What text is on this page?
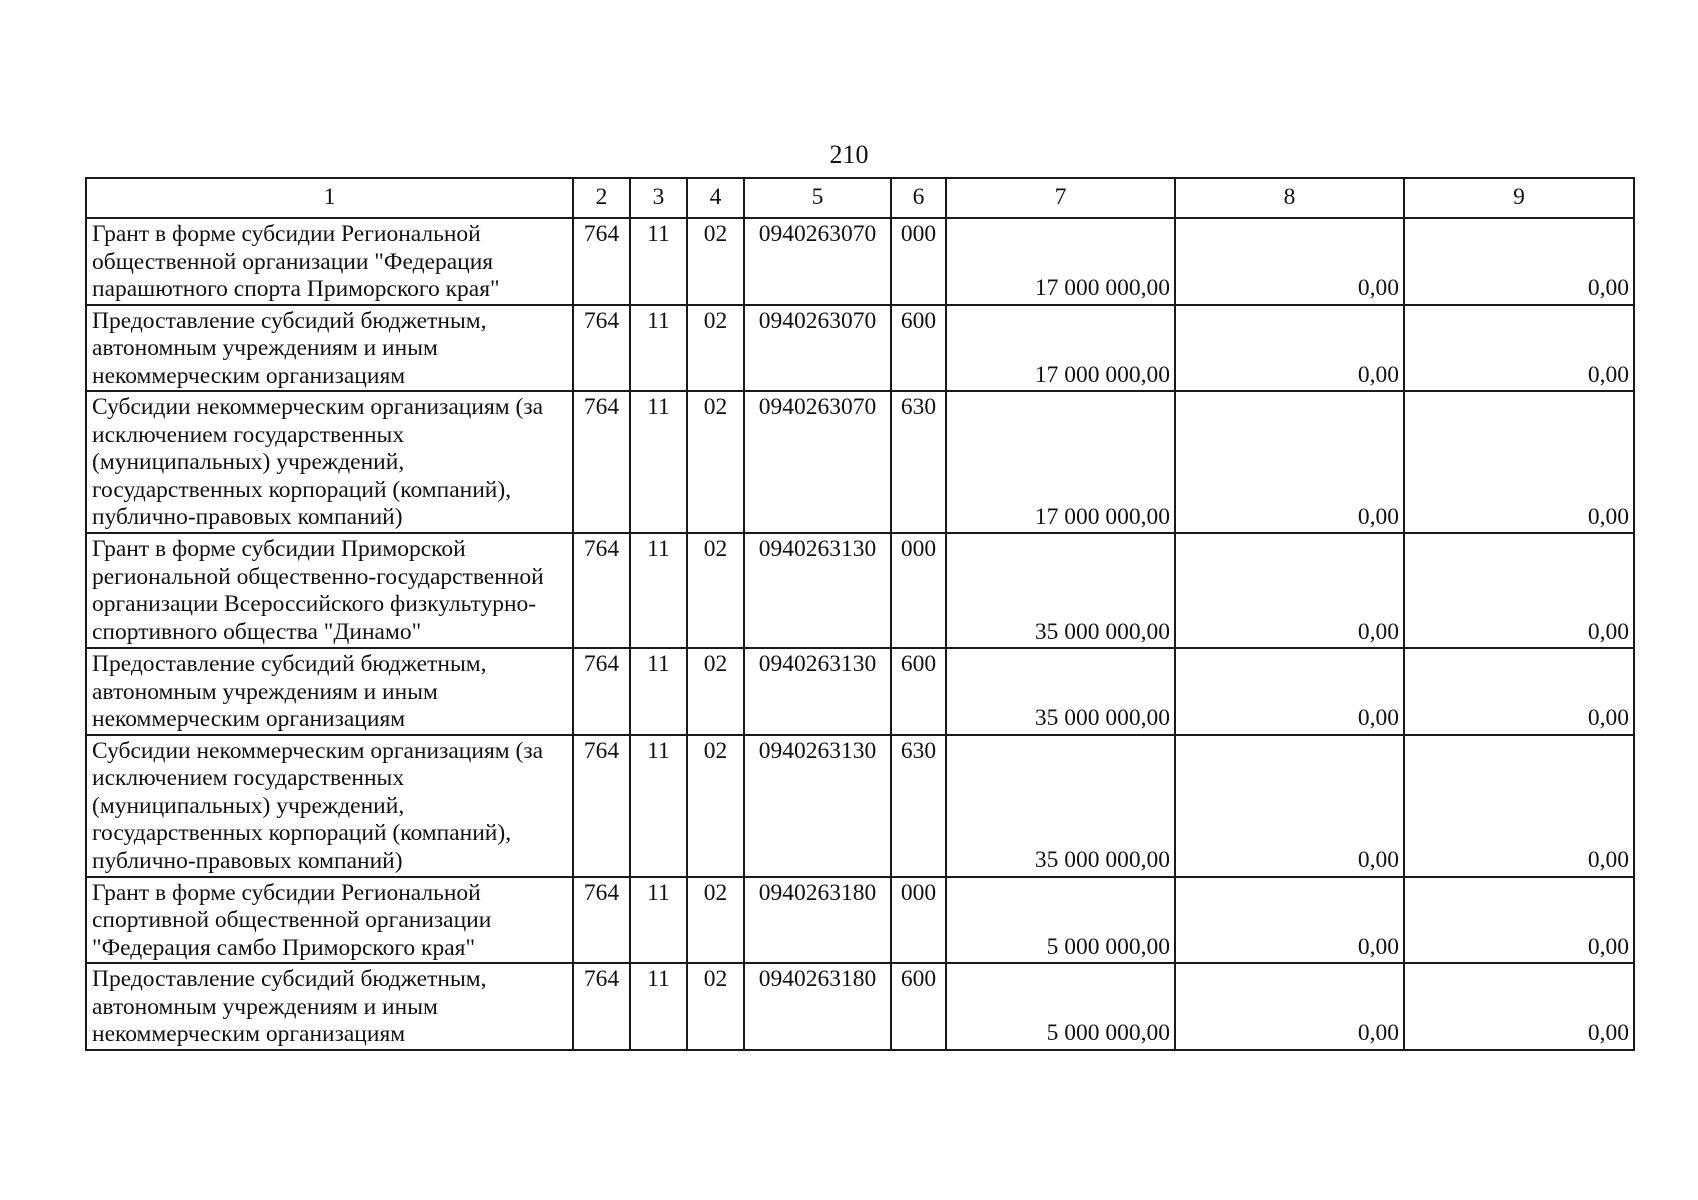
210
1	2	3	4	5	6	7	8	9
Грант в форме субсидии Региональной общественной организации "Федерация парашютного спорта Приморского края"	764	11	02	0940263070	000	17 000 000,00	0,00	0,00
Предоставление субсидий бюджетным, автономным учреждениям и иным некоммерческим организациям	764	11	02	0940263070	600	17 000 000,00	0,00	0,00
Субсидии некоммерческим организациям (за исключением государственных (муниципальных) учреждений, государственных корпораций (компаний), публично-правовых компаний)	764	11	02	0940263070	630	17 000 000,00	0,00	0,00
Грант в форме субсидии Приморской региональной общественно-государственной организации Всероссийского физкультурно-спортивного общества "Динамо"	764	11	02	0940263130	000	35 000 000,00	0,00	0,00
Предоставление субсидий бюджетным, автономным учреждениям и иным некоммерческим организациям	764	11	02	0940263130	600	35 000 000,00	0,00	0,00
Субсидии некоммерческим организациям (за исключением государственных (муниципальных) учреждений, государственных корпораций (компаний), публично-правовых компаний)	764	11	02	0940263130	630	35 000 000,00	0,00	0,00
Грант в форме субсидии Региональной спортивной общественной организации "Федерация самбо Приморского края"	764	11	02	0940263180	000	5 000 000,00	0,00	0,00
Предоставление субсидий бюджетным, автономным учреждениям и иным некоммерческим организациям	764	11	02	0940263180	600	5 000 000,00	0,00	0,00
